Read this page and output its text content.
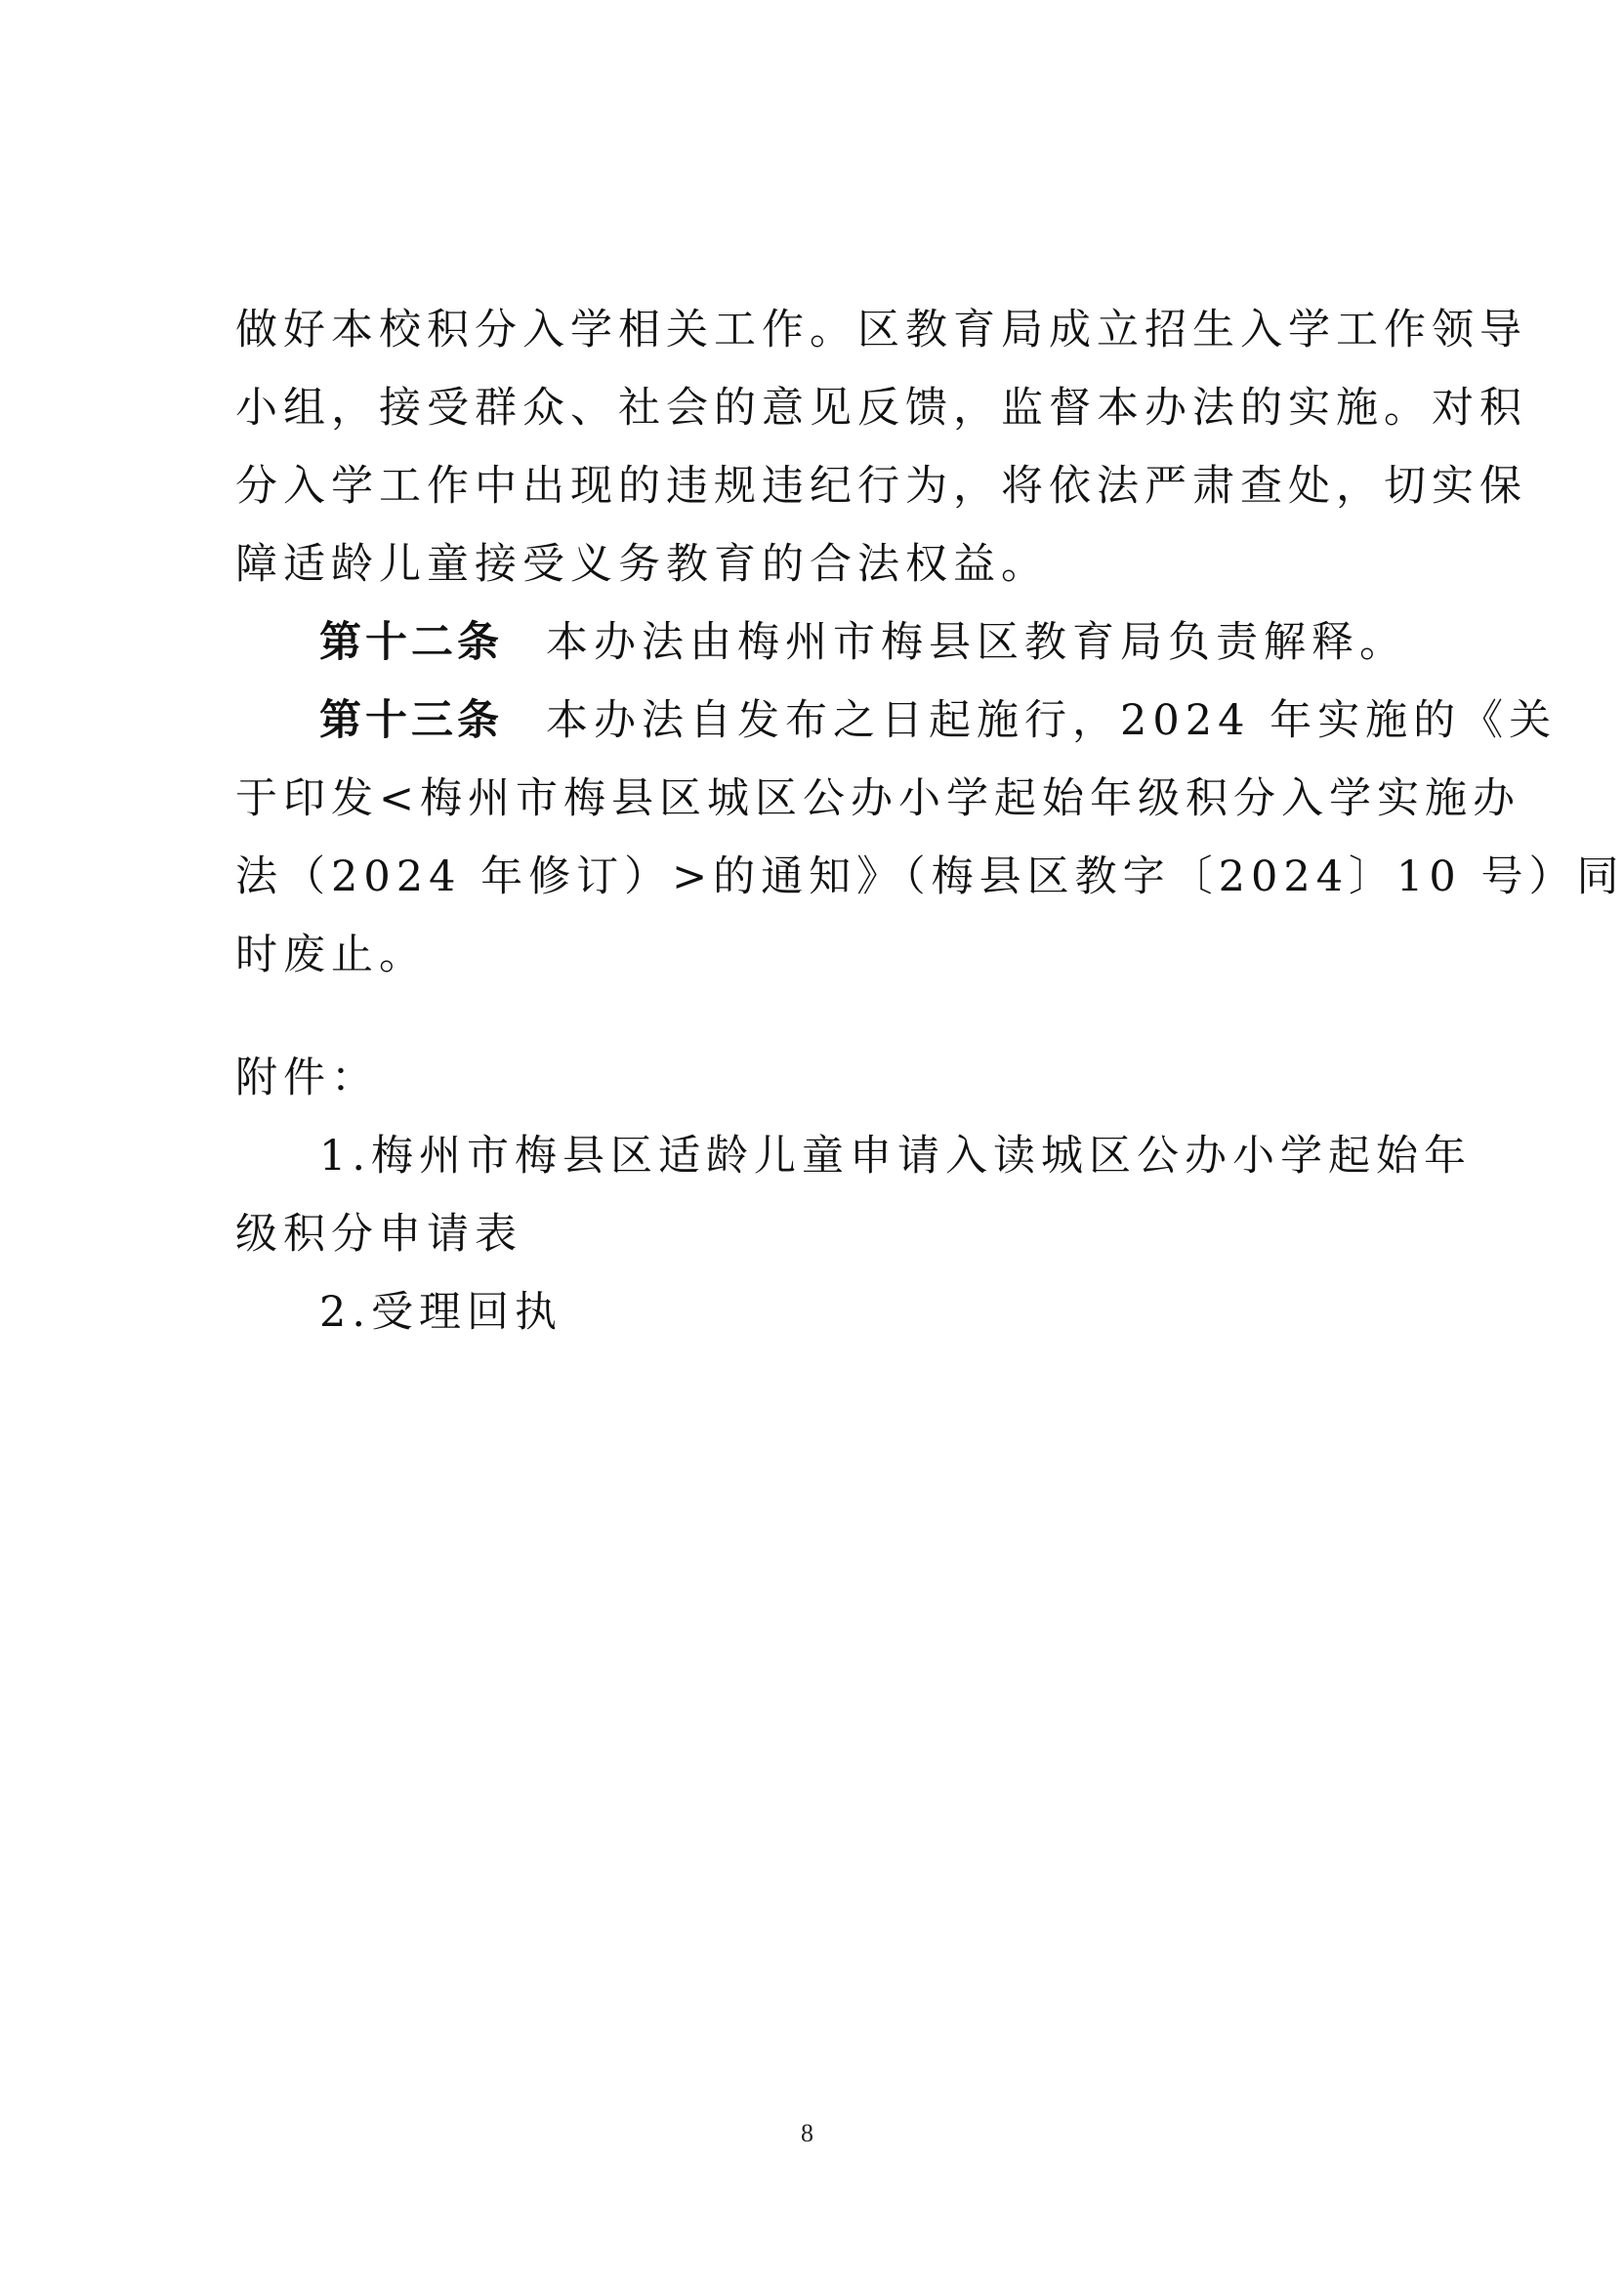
做好本校积分入学相关工作。区教育局成立招生入学工作领导
小组，接受群众、社会的意见反馈，监督本办法的实施。对积
分入学工作中出现的违规违纪行为，将依法严肃查处，切实保
障适龄儿童接受义务教育的合法权益。
第十二条 本办法由梅州市梅县区教育局负责解释。
第十三条 本办法自发布之日起施行，2024 年实施的《关
于印发<梅州市梅县区城区公办小学起始年级积分入学实施办
法（2024 年修订）>的通知》（梅县区教字〔2024〕10 号）同
时废止。
附件：
1.梅州市梅县区适龄儿童申请入读城区公办小学起始年
级积分申请表
2.受理回执
8
